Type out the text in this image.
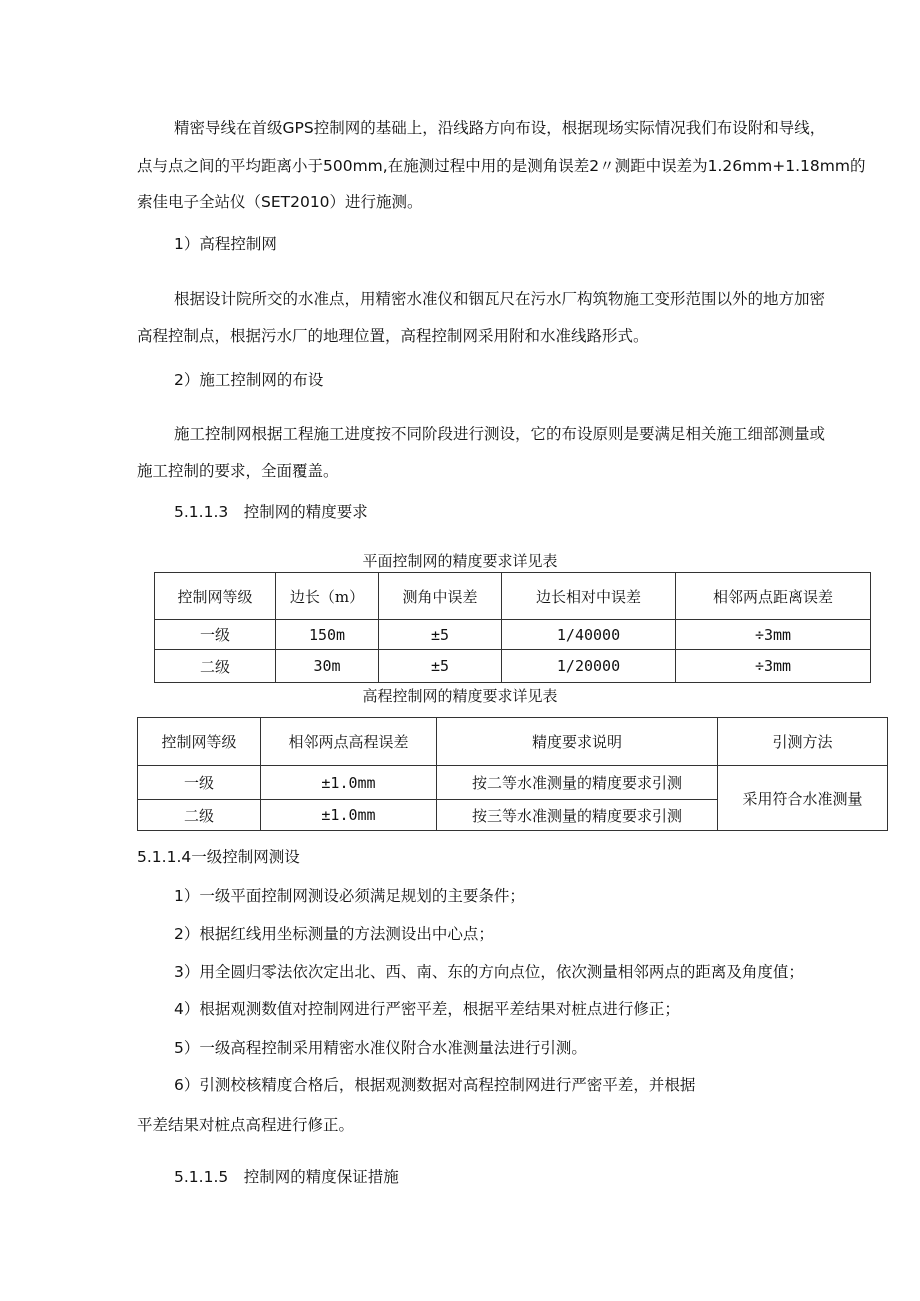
精密导线在首级GPS控制网的基础上，沿线路方向布设，根据现场实际情况我们布设附和导线，
点与点之间的平均距离小于500mm,在施测过程中用的是测角误差2〃测距中误差为1.26mm+1.18mm的
索佳电子全站仪（SET2010）进行施测。
1）高程控制网
根据设计院所交的水准点，用精密水准仪和铟瓦尺在污水厂构筑物施工变形范围以外的地方加密
高程控制点，根据污水厂的地理位置，高程控制网采用附和水准线路形式。
2）施工控制网的布设
施工控制网根据工程施工进度按不同阶段进行测设，它的布设原则是要满足相关施工细部测量或
施工控制的要求，全面覆盖。
5.1.1.3　控制网的精度要求
平面控制网的精度要求详见表
控制网等级	边长（m）	测角中误差	边长相对中误差	相邻两点距离误差
一级	150m	±5	1/40000	÷3mm
二级	30m	±5	1/20000	÷3mm
高程控制网的精度要求详见表
控制网等级	相邻两点高程误差	精度要求说明	引测方法
一级	±1.0mm	按二等水准测量的精度要求引测	采用符合水准测量
二级	±1.0mm	按三等水准测量的精度要求引测	
5.1.1.4一级控制网测设
1）一级平面控制网测设必须满足规划的主要条件；
2）根据红线用坐标测量的方法测设出中心点；
3）用全圆归零法依次定出北、西、南、东的方向点位，依次测量相邻两点的距离及角度值；
4）根据观测数值对控制网进行严密平差，根据平差结果对桩点进行修正；
5）一级高程控制采用精密水准仪附合水准测量法进行引测。
6）引测校核精度合格后，根据观测数据对高程控制网进行严密平差，并根据
平差结果对桩点高程进行修正。
5.1.1.5　控制网的精度保证措施
